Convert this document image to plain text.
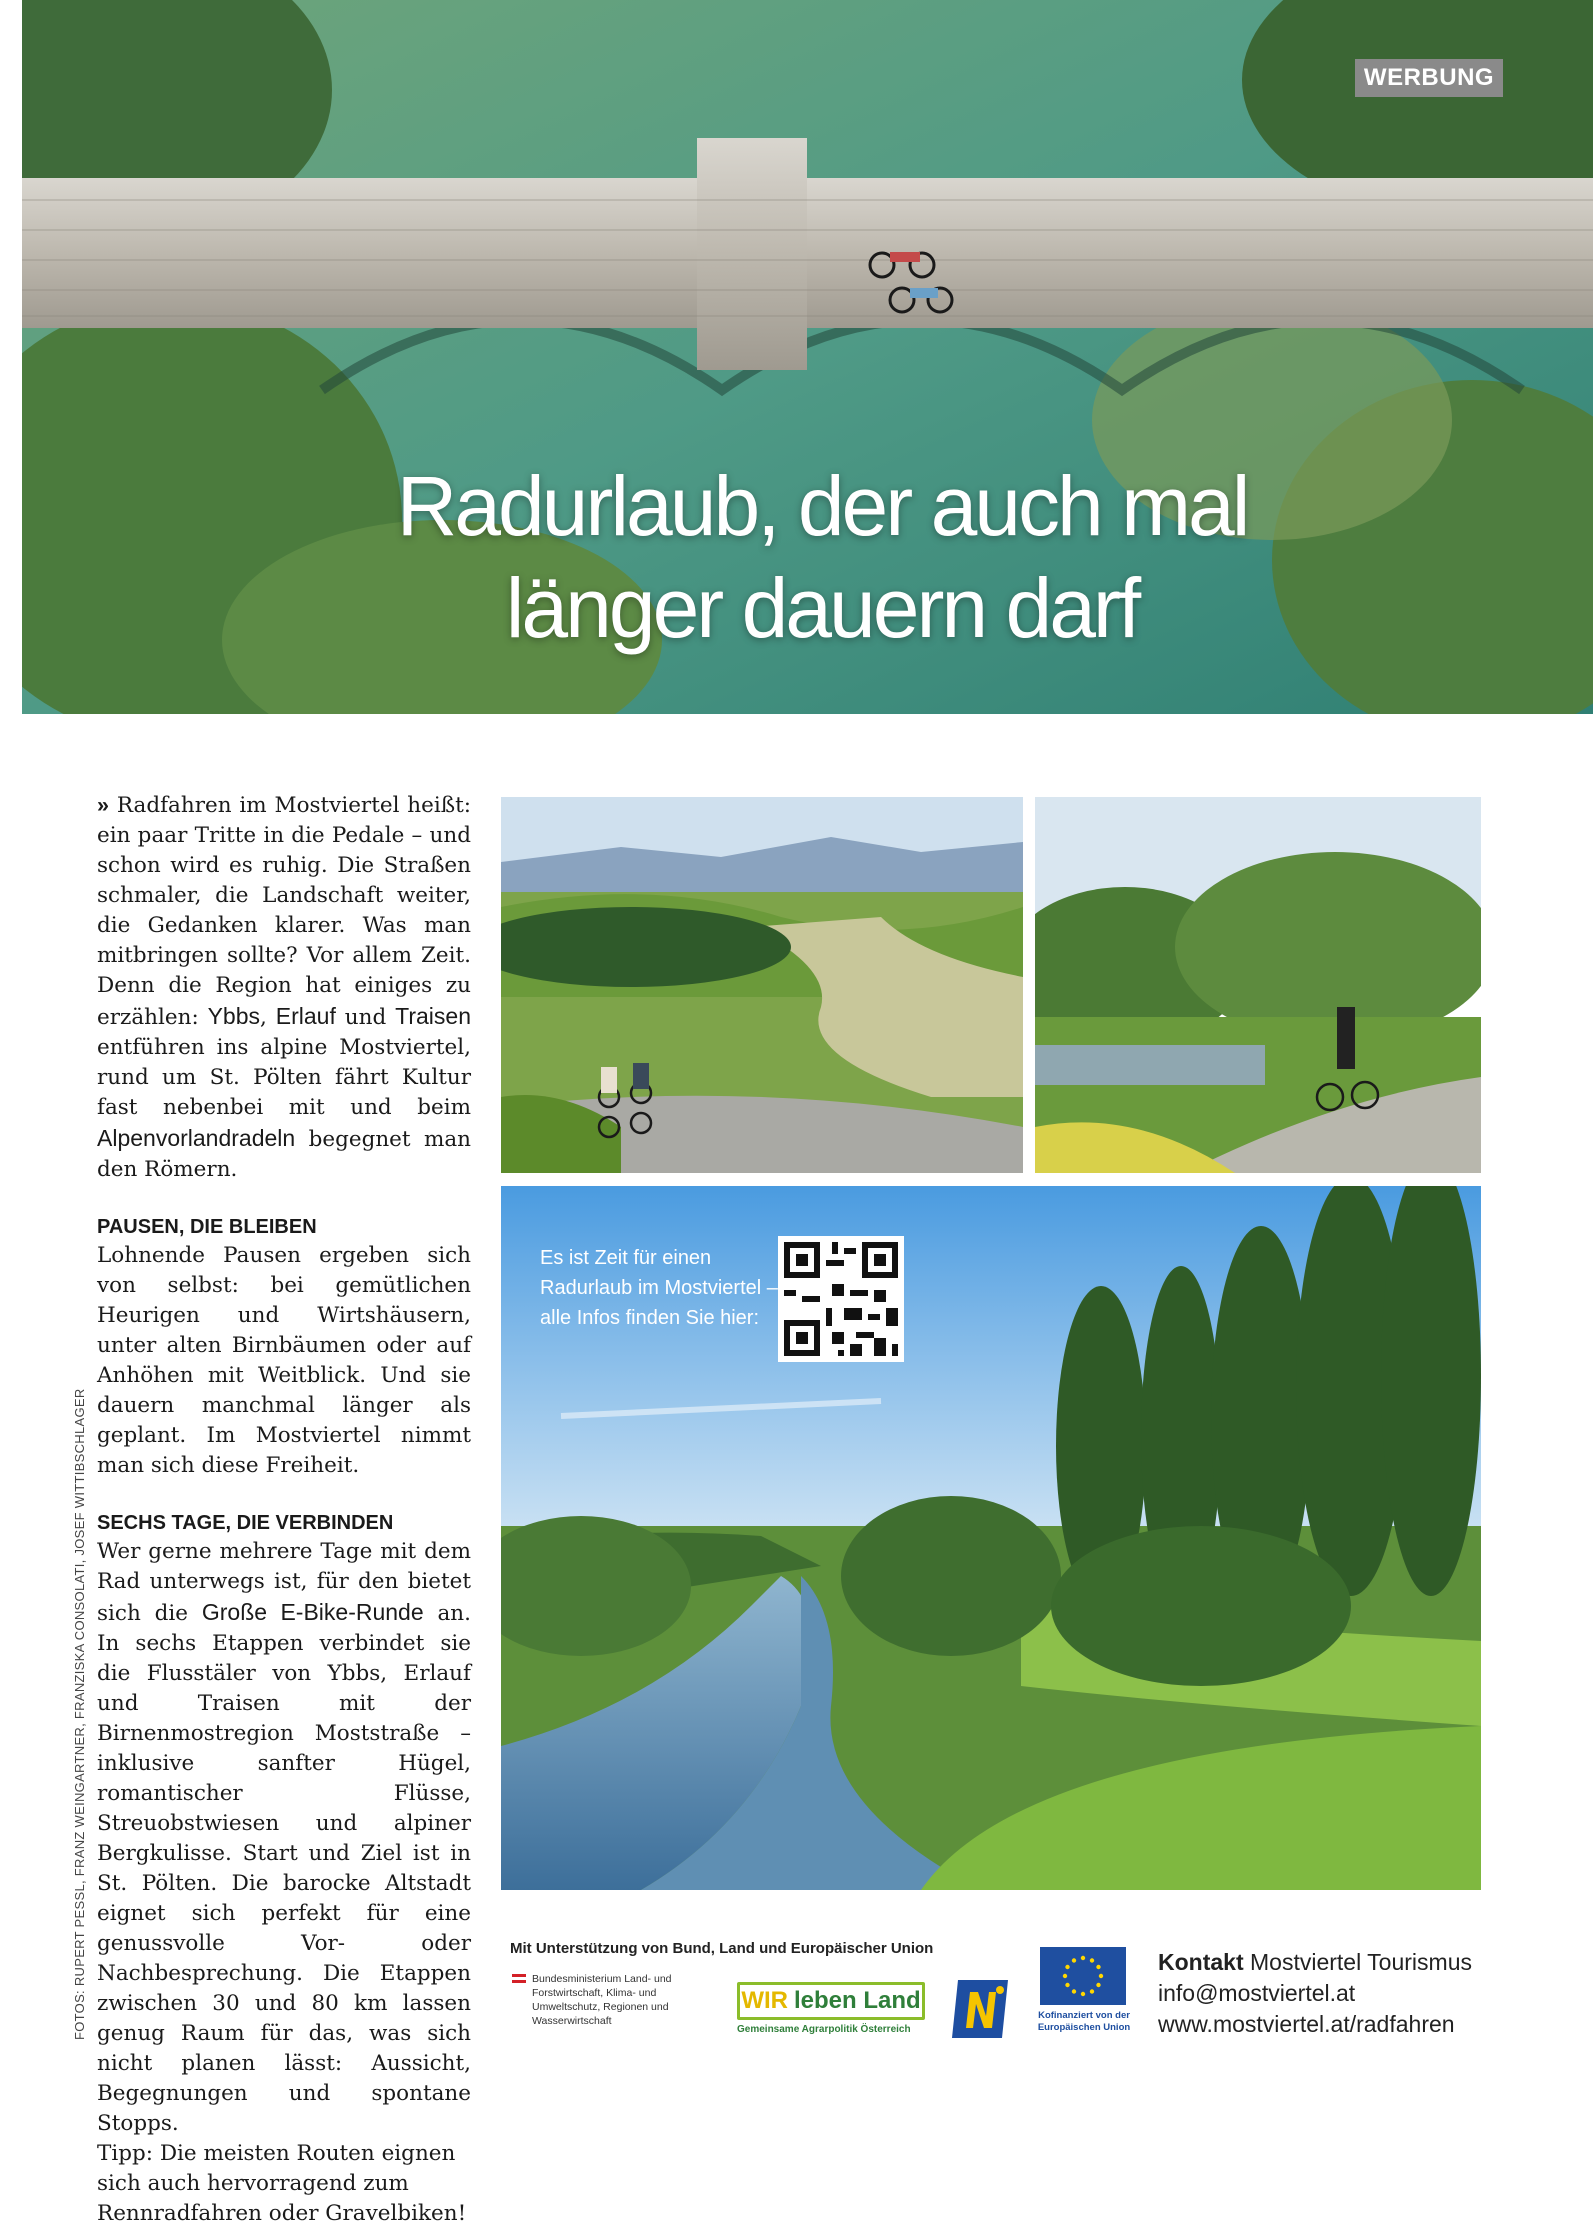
WERBUNG
Radurlaub, der auch mal
länger dauern darf

» Radfahren im Mostviertel heißt: ein paar Tritte in die Pedale – und schon wird es ruhig. Die Straßen schmaler, die Landschaft weiter, die Gedanken klarer. Was man mitbringen sollte? Vor allem Zeit. Denn die Region hat einiges zu erzählen: Ybbs, Erlauf und Traisen entführen ins alpine Mostviertel, rund um St. Pölten fährt Kultur fast nebenbei mit und beim Alpenvorlandradeln begegnet man den Römern.

PAUSEN, DIE BLEIBEN

Lohnende Pausen ergeben sich von selbst: bei gemütlichen Heurigen und Wirtshäusern, unter alten Birnbäumen oder auf Anhöhen mit Weitblick. Und sie dauern manchmal länger als geplant. Im Mostviertel nimmt man sich diese Freiheit.

SECHS TAGE, DIE VERBINDEN

Wer gerne mehrere Tage mit dem Rad unterwegs ist, für den bietet sich die Große E-Bike-Runde an. In sechs Etappen verbindet sie die Flusstäler von Ybbs, Erlauf und Traisen mit der Birnenmostregion Moststraße – inklusive sanfter Hügel, romantischer Flüsse, Streuobstwiesen und alpiner Bergkulisse. Start und Ziel ist in St. Pölten. Die barocke Altstadt eignet sich perfekt für eine genussvolle Vor- oder Nachbesprechung. Die Etappen zwischen 30 und 80 km lassen genug Raum für das, was sich nicht planen lässt: Aussicht, Begegnungen und spontane Stopps.

Tipp: Die meisten Routen eignen sich auch hervorragend zum Rennradfahren oder Gravelbiken!

FOTOS: RUPERT PESSL, FRANZ WEINGARTNER, FRANZISKA CONSOLATI, JOSEF WITTIBSCHLAGER
Es ist Zeit für einen Radurlaub im Mostviertel – alle Infos finden Sie hier:
Mit Unterstützung von Bund, Land und Europäischer Union
Bundesministerium Land- und Forstwirtschaft, Klima- und Umweltschutz, Regionen und Wasserwirtschaft
WIR leben Land
Gemeinsame Agrarpolitik Österreich
Kofinanziert von der Europäischen Union
Kontakt Mostviertel Tourismus
info@mostviertel.at
www.mostviertel.at/radfahren
